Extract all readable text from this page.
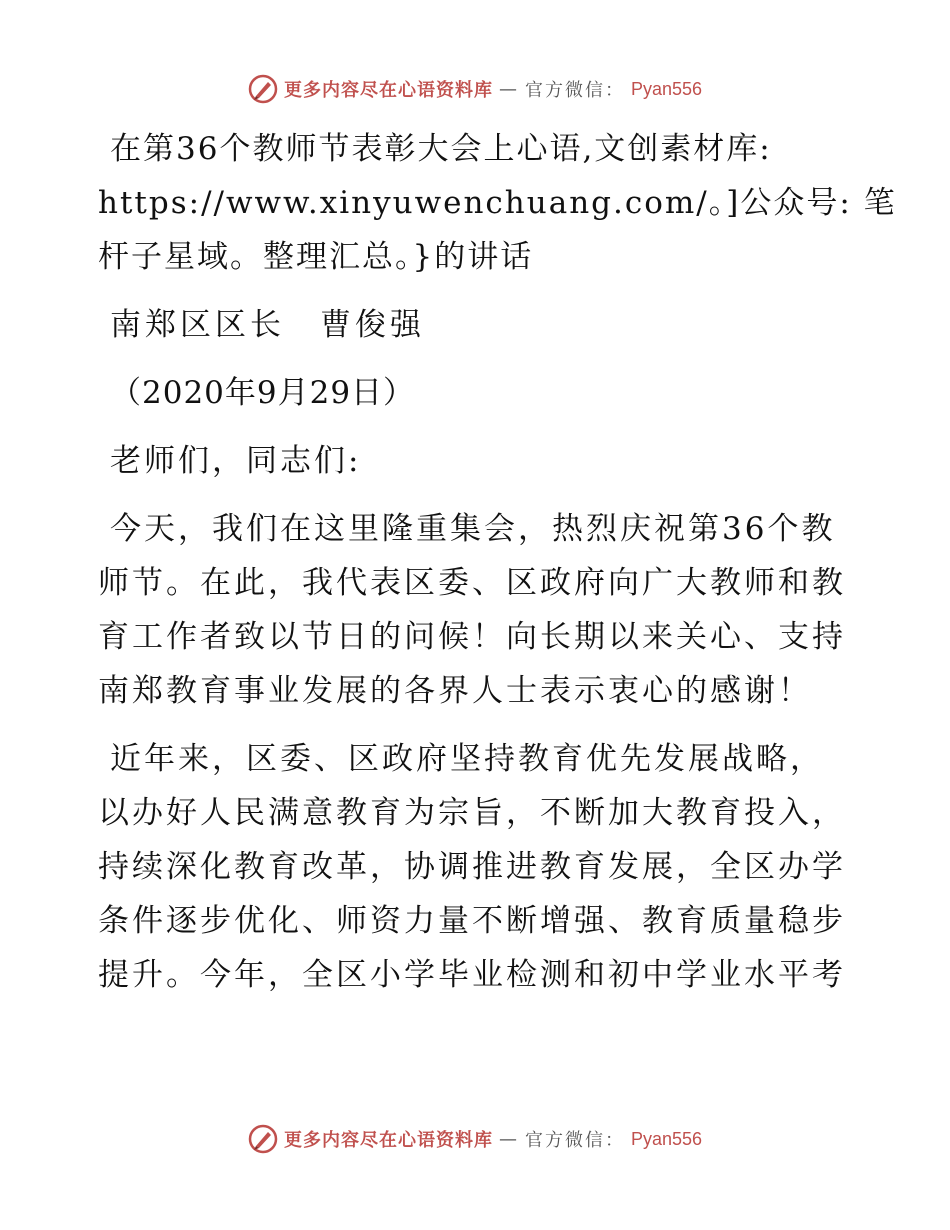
更多内容尽在心语资料库 — 官方微信： Pyan556

在第36个教师节表彰大会上心语,文创素材库:
https://www.xinyuwenchuang.com/。]公众号: 笔
杆子星域。整理汇总。}的讲话

南郑区区长　曹俊强

（2020年9月29日）

老师们，同志们:

今天，我们在这里隆重集会，热烈庆祝第36个教
师节。在此，我代表区委、区政府向广大教师和教
育工作者致以节日的问候！向长期以来关心、支持
南郑教育事业发展的各界人士表示衷心的感谢！

近年来，区委、区政府坚持教育优先发展战略，
以办好人民满意教育为宗旨，不断加大教育投入，
持续深化教育改革，协调推进教育发展，全区办学
条件逐步优化、师资力量不断增强、教育质量稳步
提升。今年，全区小学毕业检测和初中学业水平考

更多内容尽在心语资料库 — 官方微信： Pyan556
